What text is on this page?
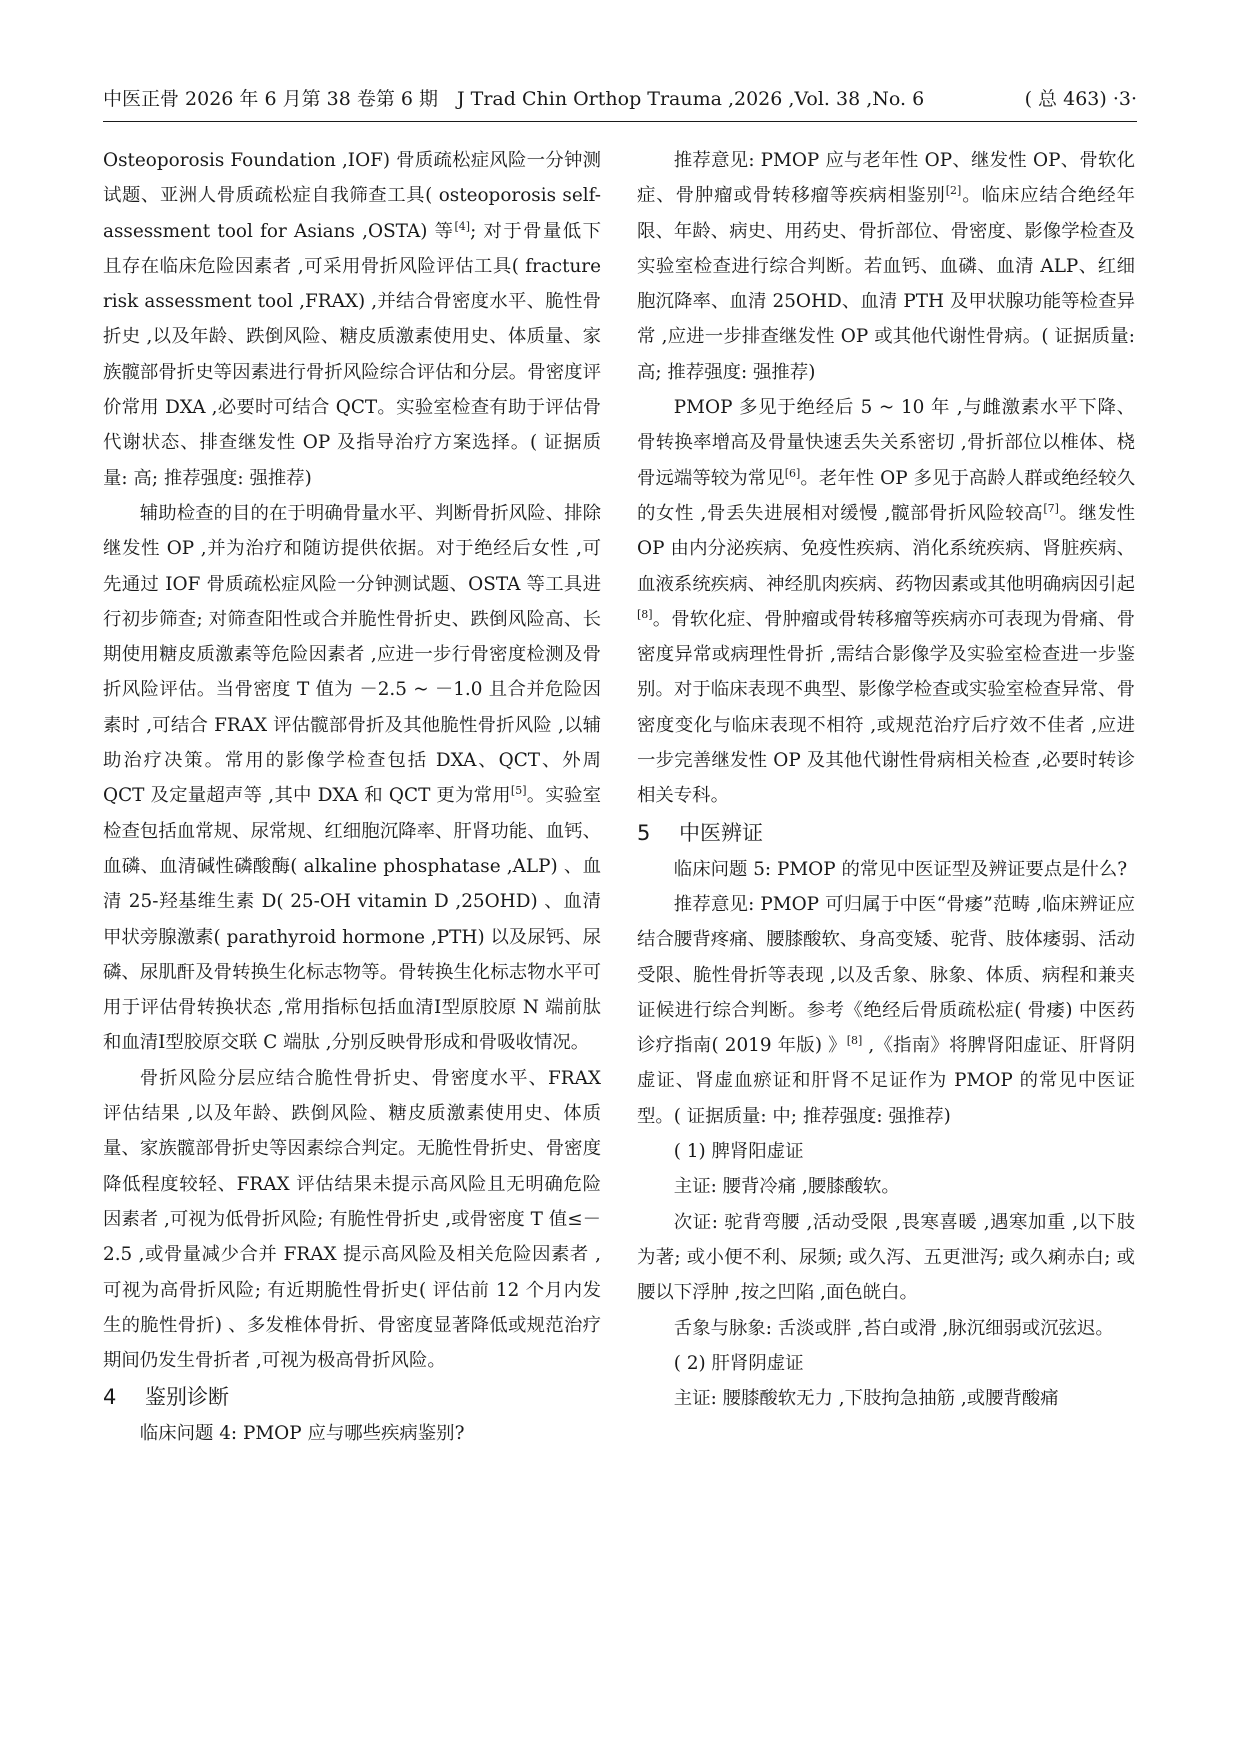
中医正骨 2026 年 6 月第 38 卷第 6 期　J Trad Chin Orthop Trauma ,2026 ,Vol. 38 ,No. 6	( 总 463) ·3·

Osteoporosis Foundation ,IOF) 骨质疏松症风险一分钟测试题、亚洲人骨质疏松症自我筛查工具( osteoporosis self-assessment tool for Asians ,OSTA) 等[4]; 对于骨量低下且存在临床危险因素者 ,可采用骨折风险评估工具( fracture risk assessment tool ,FRAX) ,并结合骨密度水平、脆性骨折史 ,以及年龄、跌倒风险、糖皮质激素使用史、体质量、家族髋部骨折史等因素进行骨折风险综合评估和分层。骨密度评价常用 DXA ,必要时可结合 QCT。实验室检查有助于评估骨代谢状态、排查继发性 OP 及指导治疗方案选择。( 证据质量: 高; 推荐强度: 强推荐)

辅助检查的目的在于明确骨量水平、判断骨折风险、排除继发性 OP ,并为治疗和随访提供依据。对于绝经后女性 ,可先通过 IOF 骨质疏松症风险一分钟测试题、OSTA 等工具进行初步筛查; 对筛查阳性或合并脆性骨折史、跌倒风险高、长期使用糖皮质激素等危险因素者 ,应进一步行骨密度检测及骨折风险评估。当骨密度 T 值为 －2.5 ~ －1.0 且合并危险因素时 ,可结合 FRAX 评估髋部骨折及其他脆性骨折风险 ,以辅助治疗决策。常用的影像学检查包括 DXA、QCT、外周 QCT 及定量超声等 ,其中 DXA 和 QCT 更为常用[5]。实验室检查包括血常规、尿常规、红细胞沉降率、肝肾功能、血钙、血磷、血清碱性磷酸酶( alkaline phosphatase ,ALP) 、血清 25-羟基维生素 D( 25-OH vitamin D ,25OHD) 、血清甲状旁腺激素( parathyroid hormone ,PTH) 以及尿钙、尿磷、尿肌酐及骨转换生化标志物等。骨转换生化标志物水平可用于评估骨转换状态 ,常用指标包括血清Ⅰ型原胶原 N 端前肽和血清Ⅰ型胶原交联 C 端肽 ,分别反映骨形成和骨吸收情况。

骨折风险分层应结合脆性骨折史、骨密度水平、FRAX 评估结果 ,以及年龄、跌倒风险、糖皮质激素使用史、体质量、家族髋部骨折史等因素综合判定。无脆性骨折史、骨密度降低程度较轻、FRAX 评估结果未提示高风险且无明确危险因素者 ,可视为低骨折风险; 有脆性骨折史 ,或骨密度 T 值≤－2.5 ,或骨量减少合并 FRAX 提示高风险及相关危险因素者 ,可视为高骨折风险; 有近期脆性骨折史( 评估前 12 个月内发生的脆性骨折) 、多发椎体骨折、骨密度显著降低或规范治疗期间仍发生骨折者 ,可视为极高骨折风险。

4 鉴别诊断

临床问题 4: PMOP 应与哪些疾病鉴别?

推荐意见: PMOP 应与老年性 OP、继发性 OP、骨软化症、骨肿瘤或骨转移瘤等疾病相鉴别[2]。临床应结合绝经年限、年龄、病史、用药史、骨折部位、骨密度、影像学检查及实验室检查进行综合判断。若血钙、血磷、血清 ALP、红细胞沉降率、血清 25OHD、血清 PTH 及甲状腺功能等检查异常 ,应进一步排查继发性 OP 或其他代谢性骨病。( 证据质量: 高; 推荐强度: 强推荐)

PMOP 多见于绝经后 5 ~ 10 年 ,与雌激素水平下降、骨转换率增高及骨量快速丢失关系密切 ,骨折部位以椎体、桡骨远端等较为常见[6]。老年性 OP 多见于高龄人群或绝经较久的女性 ,骨丢失进展相对缓慢 ,髋部骨折风险较高[7]。继发性 OP 由内分泌疾病、免疫性疾病、消化系统疾病、肾脏疾病、血液系统疾病、神经肌肉疾病、药物因素或其他明确病因引起[8]。骨软化症、骨肿瘤或骨转移瘤等疾病亦可表现为骨痛、骨密度异常或病理性骨折 ,需结合影像学及实验室检查进一步鉴别。对于临床表现不典型、影像学检查或实验室检查异常、骨密度变化与临床表现不相符 ,或规范治疗后疗效不佳者 ,应进一步完善继发性 OP 及其他代谢性骨病相关检查 ,必要时转诊相关专科。

5 中医辨证

临床问题 5: PMOP 的常见中医证型及辨证要点是什么?

推荐意见: PMOP 可归属于中医“骨痿”范畴 ,临床辨证应结合腰背疼痛、腰膝酸软、身高变矮、驼背、肢体痿弱、活动受限、脆性骨折等表现 ,以及舌象、脉象、体质、病程和兼夹证候进行综合判断。参考《绝经后骨质疏松症( 骨痿) 中医药诊疗指南( 2019 年版) 》[8] ,《指南》将脾肾阳虚证、肝肾阴虚证、肾虚血瘀证和肝肾不足证作为 PMOP 的常见中医证型。( 证据质量: 中; 推荐强度: 强推荐)

( 1) 脾肾阳虚证

主证: 腰背冷痛 ,腰膝酸软。

次证: 驼背弯腰 ,活动受限 ,畏寒喜暖 ,遇寒加重 ,以下肢为著; 或小便不利、尿频; 或久泻、五更泄泻; 或久痢赤白; 或腰以下浮肿 ,按之凹陷 ,面色㿠白。

舌象与脉象: 舌淡或胖 ,苔白或滑 ,脉沉细弱或沉弦迟。

( 2) 肝肾阴虚证

主证: 腰膝酸软无力 ,下肢拘急抽筋 ,或腰背酸痛
